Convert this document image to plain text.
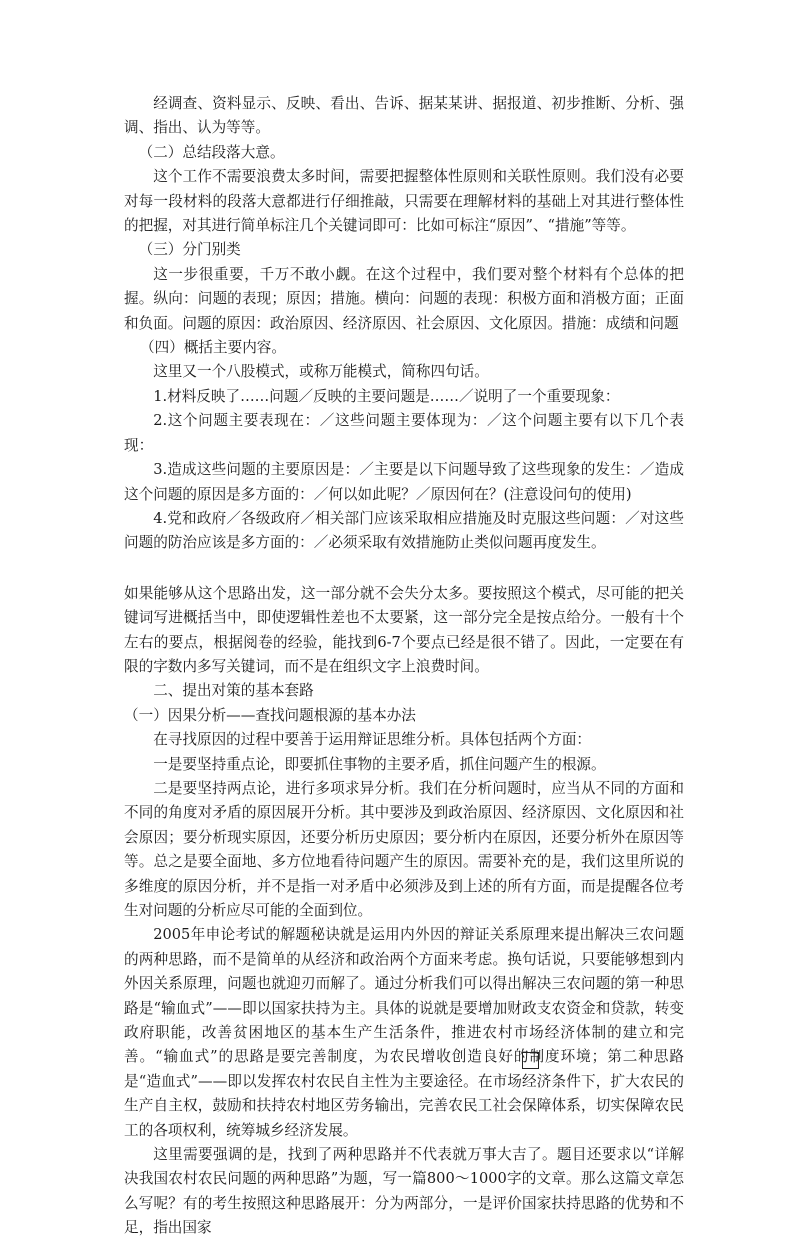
经调查、资料显示、反映、看出、告诉、据某某讲、据报道、初步推断、分析、强调、指出、认为等等。

（二）总结段落大意。

这个工作不需要浪费太多时间，需要把握整体性原则和关联性原则。我们没有必要对每一段材料的段落大意都进行仔细推敲，只需要在理解材料的基础上对其进行整体性的把握，对其进行简单标注几个关键词即可：比如可标注“原因”、“措施”等等。

（三）分门别类

这一步很重要，千万不敢小觑。在这个过程中，我们要对整个材料有个总体的把握。纵向：问题的表现；原因；措施。横向：问题的表现：积极方面和消极方面；正面和负面。问题的原因：政治原因、经济原因、社会原因、文化原因。措施：成绩和问题

（四）概括主要内容。

这里又一个八股模式，或称万能模式，简称四句话。

1.材料反映了……问题／反映的主要问题是……／说明了一个重要现象：

2.这个问题主要表现在：／这些问题主要体现为：／这个问题主要有以下几个表现：

3.造成这些问题的主要原因是：／主要是以下问题导致了这些现象的发生：／造成这个问题的原因是多方面的：／何以如此呢？／原因何在？(注意设问句的使用)

4.党和政府／各级政府／相关部门应该采取相应措施及时克服这些问题：／对这些问题的防治应该是多方面的：／必须采取有效措施防止类似问题再度发生。

如果能够从这个思路出发，这一部分就不会失分太多。要按照这个模式，尽可能的把关键词写进概括当中，即使逻辑性差也不太要紧，这一部分完全是按点给分。一般有十个左右的要点，根据阅卷的经验，能找到6-7个要点已经是很不错了。因此，一定要在有限的字数内多写关键词，而不是在组织文字上浪费时间。

二、提出对策的基本套路

（一）因果分析——查找问题根源的基本办法

在寻找原因的过程中要善于运用辩证思维分析。具体包括两个方面：

一是要坚持重点论，即要抓住事物的主要矛盾，抓住问题产生的根源。

二是要坚持两点论，进行多项求异分析。我们在分析问题时，应当从不同的方面和不同的角度对矛盾的原因展开分析。其中要涉及到政治原因、经济原因、文化原因和社会原因；要分析现实原因，还要分析历史原因；要分析内在原因，还要分析外在原因等等。总之是要全面地、多方位地看待问题产生的原因。需要补充的是，我们这里所说的多维度的原因分析，并不是指一对矛盾中必须涉及到上述的所有方面，而是提醒各位考生对问题的分析应尽可能的全面到位。

2005年申论考试的解题秘诀就是运用内外因的辩证关系原理来提出解决三农问题的两种思路，而不是简单的从经济和政治两个方面来考虑。换句话说，只要能够想到内外因关系原理，问题也就迎刃而解了。通过分析我们可以得出解决三农问题的第一种思路是“输血式”——即以国家扶持为主。具体的说就是要增加财政支农资金和贷款，转变政府职能，改善贫困地区的基本生产生活条件，推进农村市场经济体制的建立和完善。“输血式”的思路是要完善制度，为农民增收创造良好的制度环境；第二种思路是“造血式”——即以发挥农村农民自主性为主要途径。在市场经济条件下，扩大农民的生产自主权，鼓励和扶持农村地区劳务输出，完善农民工社会保障体系，切实保障农民工的各项权利，统筹城乡经济发展。

这里需要强调的是，找到了两种思路并不代表就万事大吉了。题目还要求以“详解决我国农村农民问题的两种思路”为题，写一篇800～1000字的文章。那么这篇文章怎么写呢？有的考生按照这种思路展开：分为两部分，一是评价国家扶持思路的优势和不足，指出国家
